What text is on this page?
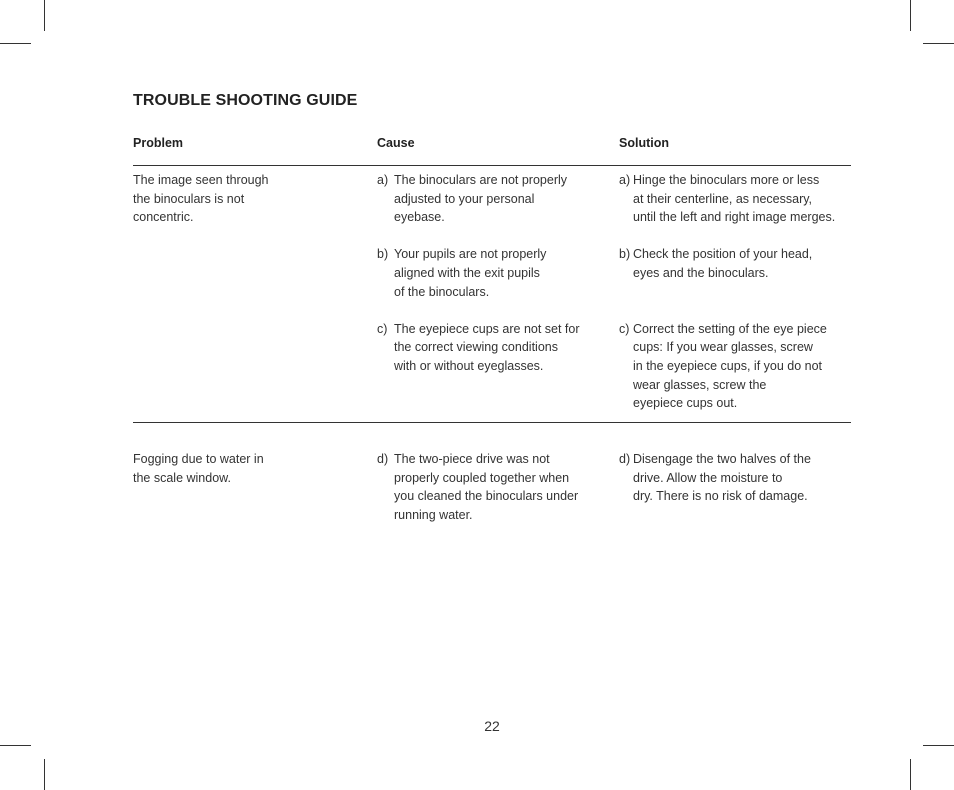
TROUBLE SHOOTING GUIDE
Problem	Cause	Solution
The image seen through
the binoculars is not
concentric.
a) The binoculars are not properly
adjusted to your personal
eyebase.
b) Your pupils are not properly
aligned with the exit pupils
of the binoculars.
c) The eyepiece cups are not set for
the correct viewing conditions
with or without eyeglasses.
a) Hinge the binoculars more or less
at their centerline, as necessary,
until the left and right image merges.
b) Check the position of your head,
eyes and the binoculars.
c) Correct the setting of the eye piece
cups: If you wear glasses, screw
in the eyepiece cups, if you do not
wear glasses, screw the
eyepiece cups out.
Fogging due to water in
the scale window.
d) The two-piece drive was not
properly coupled together when
you cleaned the binoculars under
running water.
d) Disengage the two halves of the
drive. Allow the moisture to
dry. There is no risk of damage.
22
